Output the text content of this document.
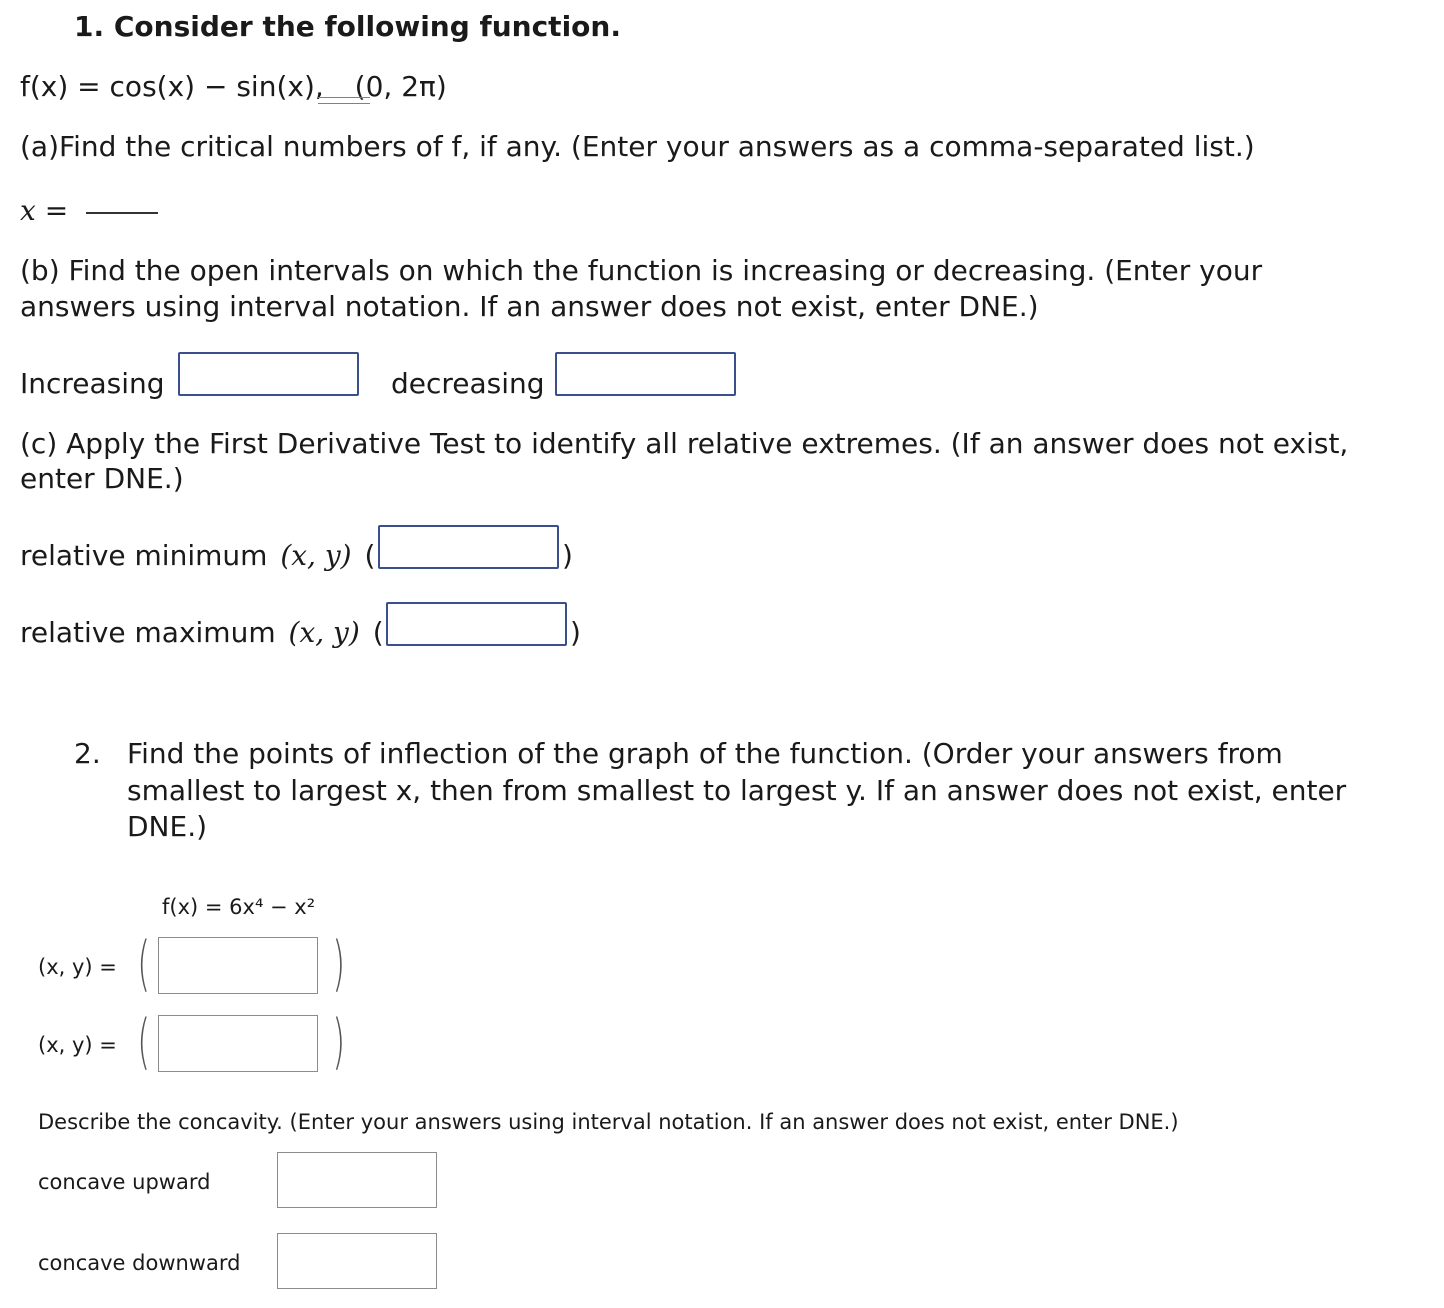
1. Consider the following function.
f(x) = cos(x) − sin(x), (0, 2π)
(a)Find the critical numbers of f, if any. (Enter your answers as a comma-separated list.)
x =
(b) Find the open intervals on which the function is increasing or decreasing. (Enter your
answers using interval notation. If an answer does not exist, enter DNE.)
Increasing	decreasing
(c) Apply the First Derivative Test to identify all relative extremes. (If an answer does not exist,
enter DNE.)
relative minimum (x, y) (	)
relative maximum (x, y) (	)
2. Find the points of inflection of the graph of the function. (Order your answers from
smallest to largest x, then from smallest to largest y. If an answer does not exist, enter
DNE.)
f(x) = 6x⁴ − x²
(x, y) = (	)
(x, y) = (	)
Describe the concavity. (Enter your answers using interval notation. If an answer does not exist, enter DNE.)
concave upward
concave downward
